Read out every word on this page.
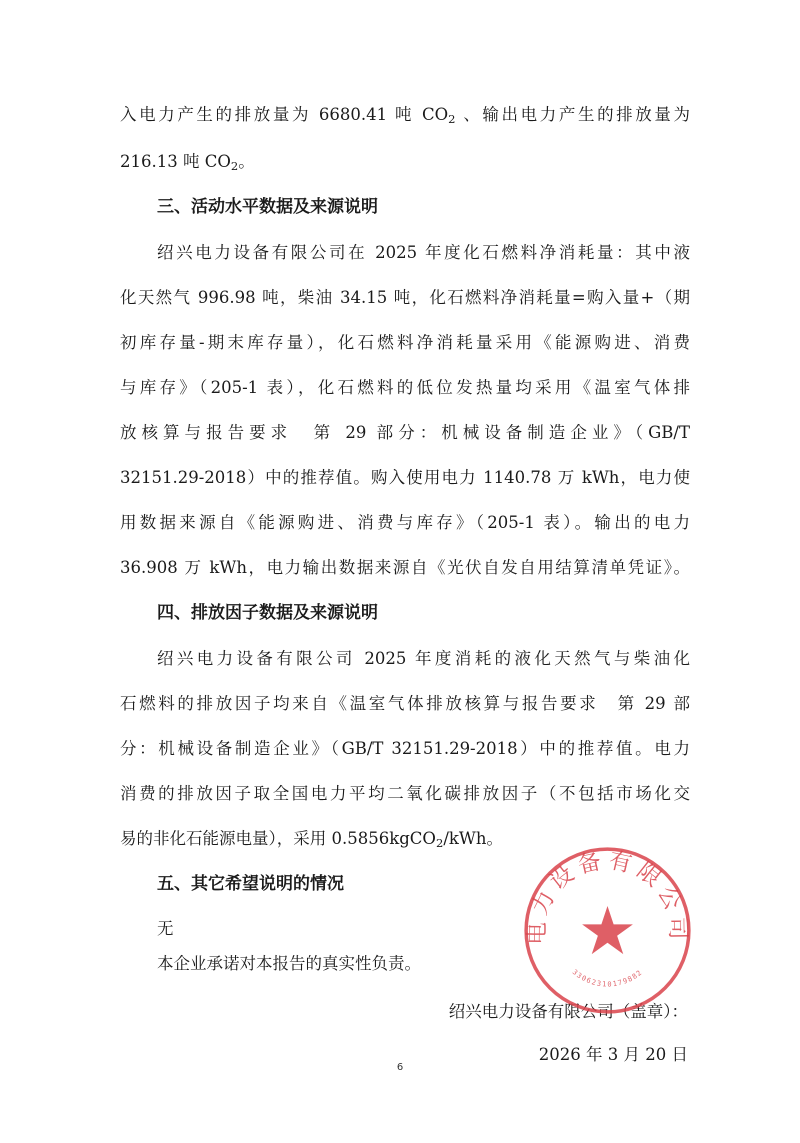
入电力产生的排放量为 6680.41 吨 $CO_2$ 、输出电力产生的排放量为
216.13 吨 $CO_2$。
三、活动水平数据及来源说明
绍兴电力设备有限公司在 2025 年度化石燃料净消耗量：其中液
化天然气 996.98 吨，柴油 34.15 吨，化石燃料净消耗量=购入量+（期
初库存量-期末库存量），化石燃料净消耗量采用《能源购进、消费
与库存》（205-1 表），化石燃料的低位发热量均采用《温室气体排
放核算与报告要求　第 29 部分：机械设备制造企业》（GB/T
32151.29-2018）中的推荐值。购入使用电力 1140.78 万 kWh，电力使
用数据来源自《能源购进、消费与库存》（205-1 表）。输出的电力
36.908 万 kWh，电力输出数据来源自《光伏自发自用结算清单凭证》。
四、排放因子数据及来源说明
绍兴电力设备有限公司 2025 年度消耗的液化天然气与柴油化
石燃料的排放因子均来自《温室气体排放核算与报告要求　第 29 部
分：机械设备制造企业》（GB/T 32151.29-2018）中的推荐值。电力
消费的排放因子取全国电力平均二氧化碳排放因子（不包括市场化交
易的非化石能源电量），采用 0.5856kgCO$_2$/kWh。
五、其它希望说明的情况
无
本企业承诺对本报告的真实性负责。
绍兴电力设备有限公司（盖章）：
2026 年 3 月 20 日
电力设备有限公司
33062310179882
6
